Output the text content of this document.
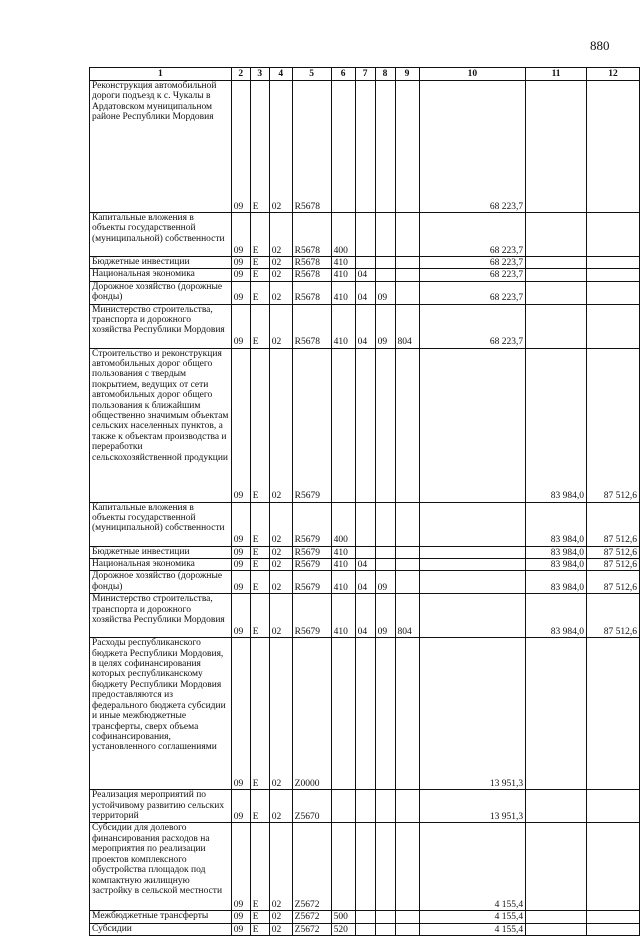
880
1	2	3	4	5	6	7	8	9	10	11	12
Реконструкция автомобильной дороги подъезд к с. Чукалы в Ардатовском муниципальном районе Республики Мордовия	09	Е	02	R5678					68 223,7		
Капитальные вложения в объекты государственной (муниципальной) собственности	09	Е	02	R5678	400				68 223,7		
Бюджетные инвестиции	09	Е	02	R5678	410				68 223,7		
Национальная экономика	09	Е	02	R5678	410	04			68 223,7		
Дорожное хозяйство (дорожные фонды)	09	Е	02	R5678	410	04	09		68 223,7		
Министерство строительства, транспорта и дорожного хозяйства Республики Мордовия	09	Е	02	R5678	410	04	09	804	68 223,7		
Строительство и реконструкция автомобильных дорог общего пользования с твердым покрытием, ведущих от сети автомобильных дорог общего пользования к ближайшим общественно значимым объектам сельских населенных пунктов, а также к объектам производства и переработки сельскохозяйственной продукции	09	Е	02	R5679						83 984,0	87 512,6
Капитальные вложения в объекты государственной (муниципальной) собственности	09	Е	02	R5679	400					83 984,0	87 512,6
Бюджетные инвестиции	09	Е	02	R5679	410					83 984,0	87 512,6
Национальная экономика	09	Е	02	R5679	410	04				83 984,0	87 512,6
Дорожное хозяйство (дорожные фонды)	09	Е	02	R5679	410	04	09			83 984,0	87 512,6
Министерство строительства, транспорта и дорожного хозяйства Республики Мордовия	09	Е	02	R5679	410	04	09	804		83 984,0	87 512,6
Расходы республиканского бюджета Республики Мордовия, в целях софинансирования которых республиканскому бюджету Республики Мордовия предоставляются из федерального бюджета субсидии и иные межбюджетные трансферты, сверх объема софинансирования, установленного соглашениями	09	Е	02	Z0000					13 951,3		
Реализация мероприятий по устойчивому развитию сельских территорий	09	Е	02	Z5670					13 951,3		
Субсидии для долевого финансирования расходов на мероприятия по реализации проектов комплексного обустройства площадок под компактную жилищную застройку в сельской местности	09	Е	02	Z5672					4 155,4		
Межбюджетные трансферты	09	Е	02	Z5672	500				4 155,4		
Субсидии	09	Е	02	Z5672	520				4 155,4		
